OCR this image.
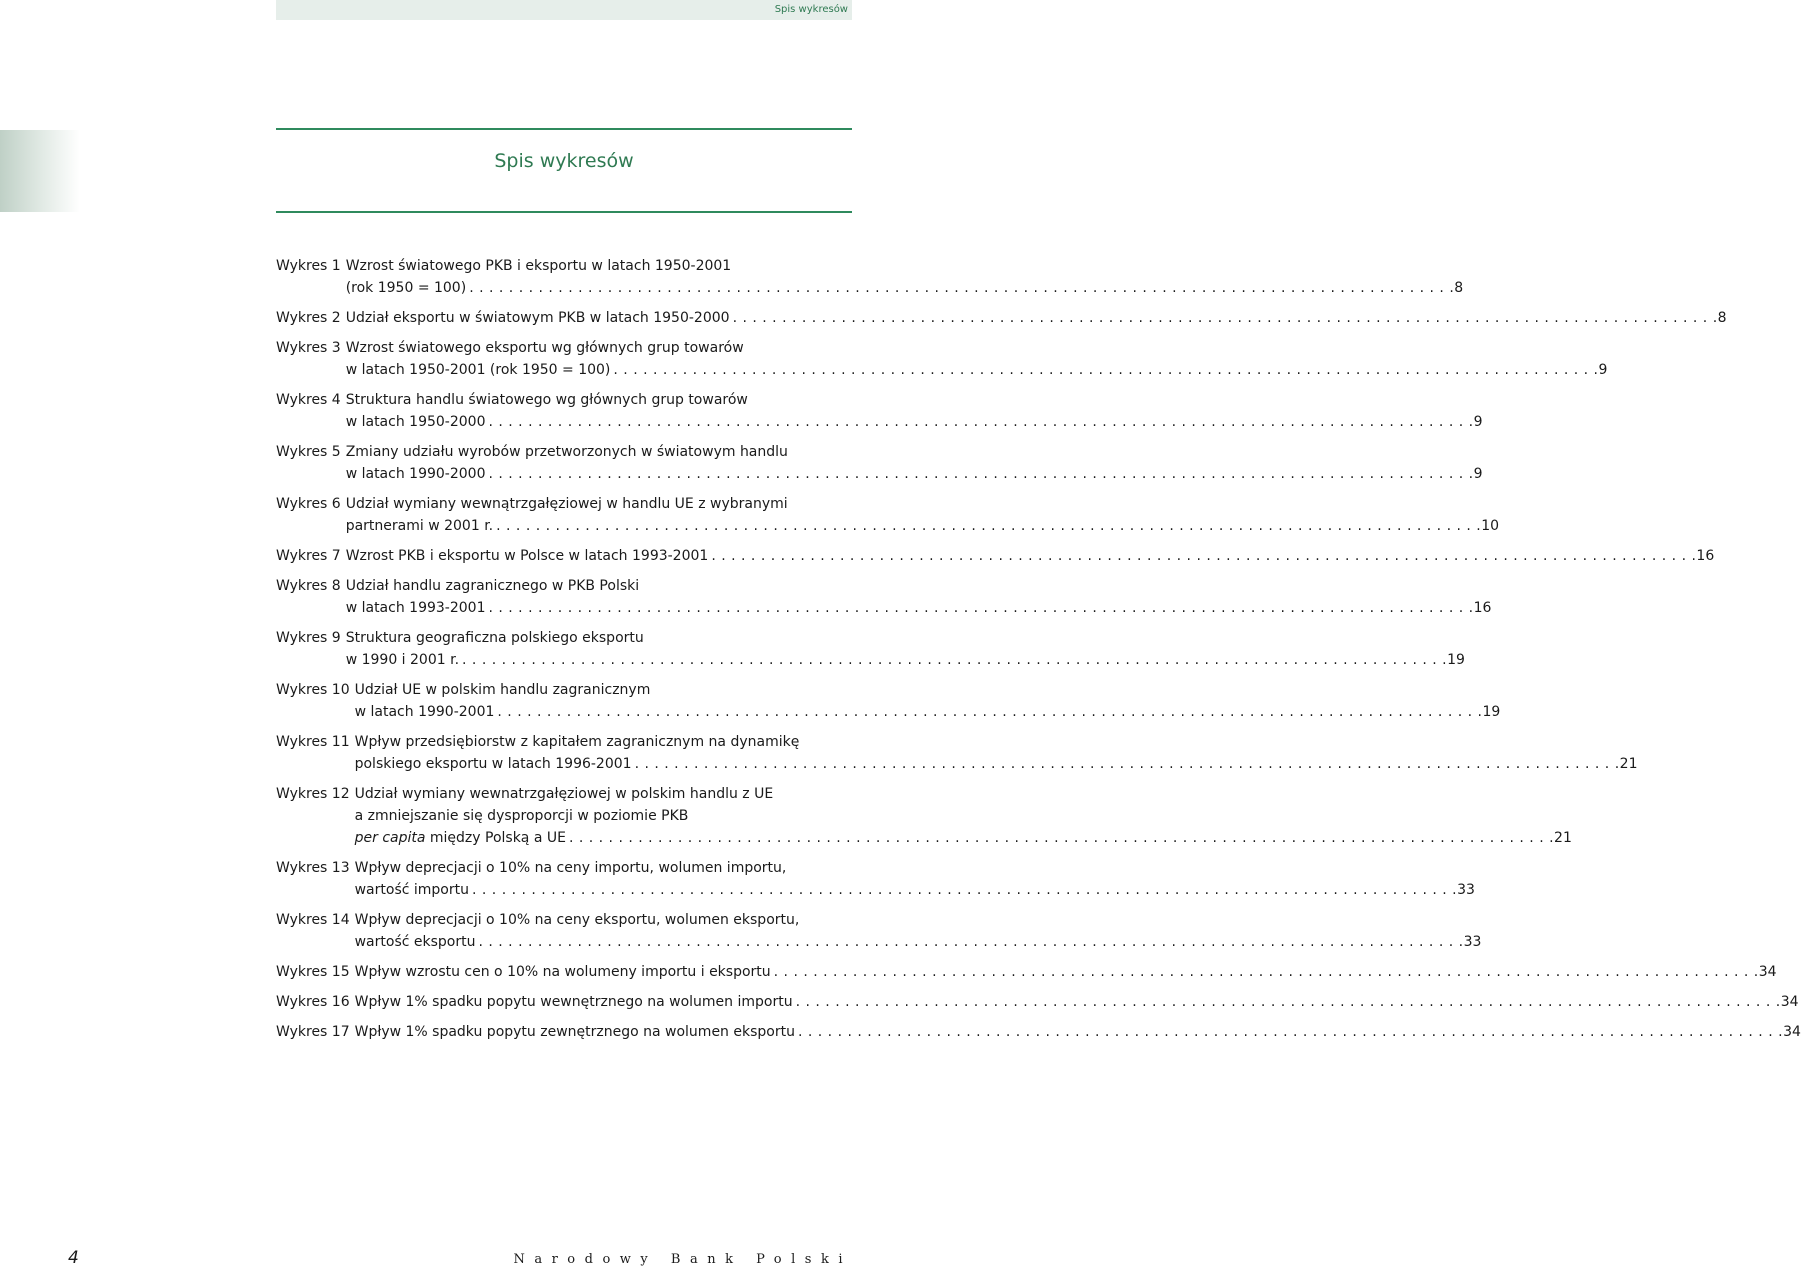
Spis wykresów
Spis wykresów
Wykres 1 Wzrost światowego PKB i eksportu w latach 1950-2001
(rok 1950 = 100) . . .	8
Wykres 2 Udział eksportu w światowym PKB w latach 1950-2000 . . .	8
Wykres 3 Wzrost światowego eksportu wg głównych grup towarów
w latach 1950-2001 (rok 1950 = 100) . . .	9
Wykres 4 Struktura handlu światowego wg głównych grup towarów
w latach 1950-2000 . . .	9
Wykres 5 Zmiany udziału wyrobów przetworzonych w światowym handlu
w latach 1990-2000 . . .	9
Wykres 6 Udział wymiany wewnątrzgałęziowej w handlu UE z wybranymi
partnerami w 2001 r. . . .	10
Wykres 7 Wzrost PKB i eksportu w Polsce w latach 1993-2001 . . .	16
Wykres 8 Udział handlu zagranicznego w PKB Polski
w latach 1993-2001 . . .	16
Wykres 9 Struktura geograficzna polskiego eksportu
w 1990 i 2001 r. . . .	19
Wykres 10 Udział UE w polskim handlu zagranicznym
w latach 1990-2001 . . .	19
Wykres 11 Wpływ przedsiębiorstw z kapitałem zagranicznym na dynamikę
polskiego eksportu w latach 1996-2001 . . .	21
Wykres 12 Udział wymiany wewnatrzgałęziowej w polskim handlu z UE
a zmniejszanie się dysproporcji w poziomie PKB
per capita między Polską a UE . . .	21
Wykres 13 Wpływ deprecjacji o 10% na ceny importu, wolumen importu,
wartość importu . . .	33
Wykres 14 Wpływ deprecjacji o 10% na ceny eksportu, wolumen eksportu,
wartość eksportu . . .	33
Wykres 15 Wpływ wzrostu cen o 10% na wolumeny importu i eksportu . . .	34
Wykres 16 Wpływ 1% spadku popytu wewnętrznego na wolumen importu . . .	34
Wykres 17 Wpływ 1% spadku popytu zewnętrznego na wolumen eksportu . . .	34
4	Narodowy Bank Polski
